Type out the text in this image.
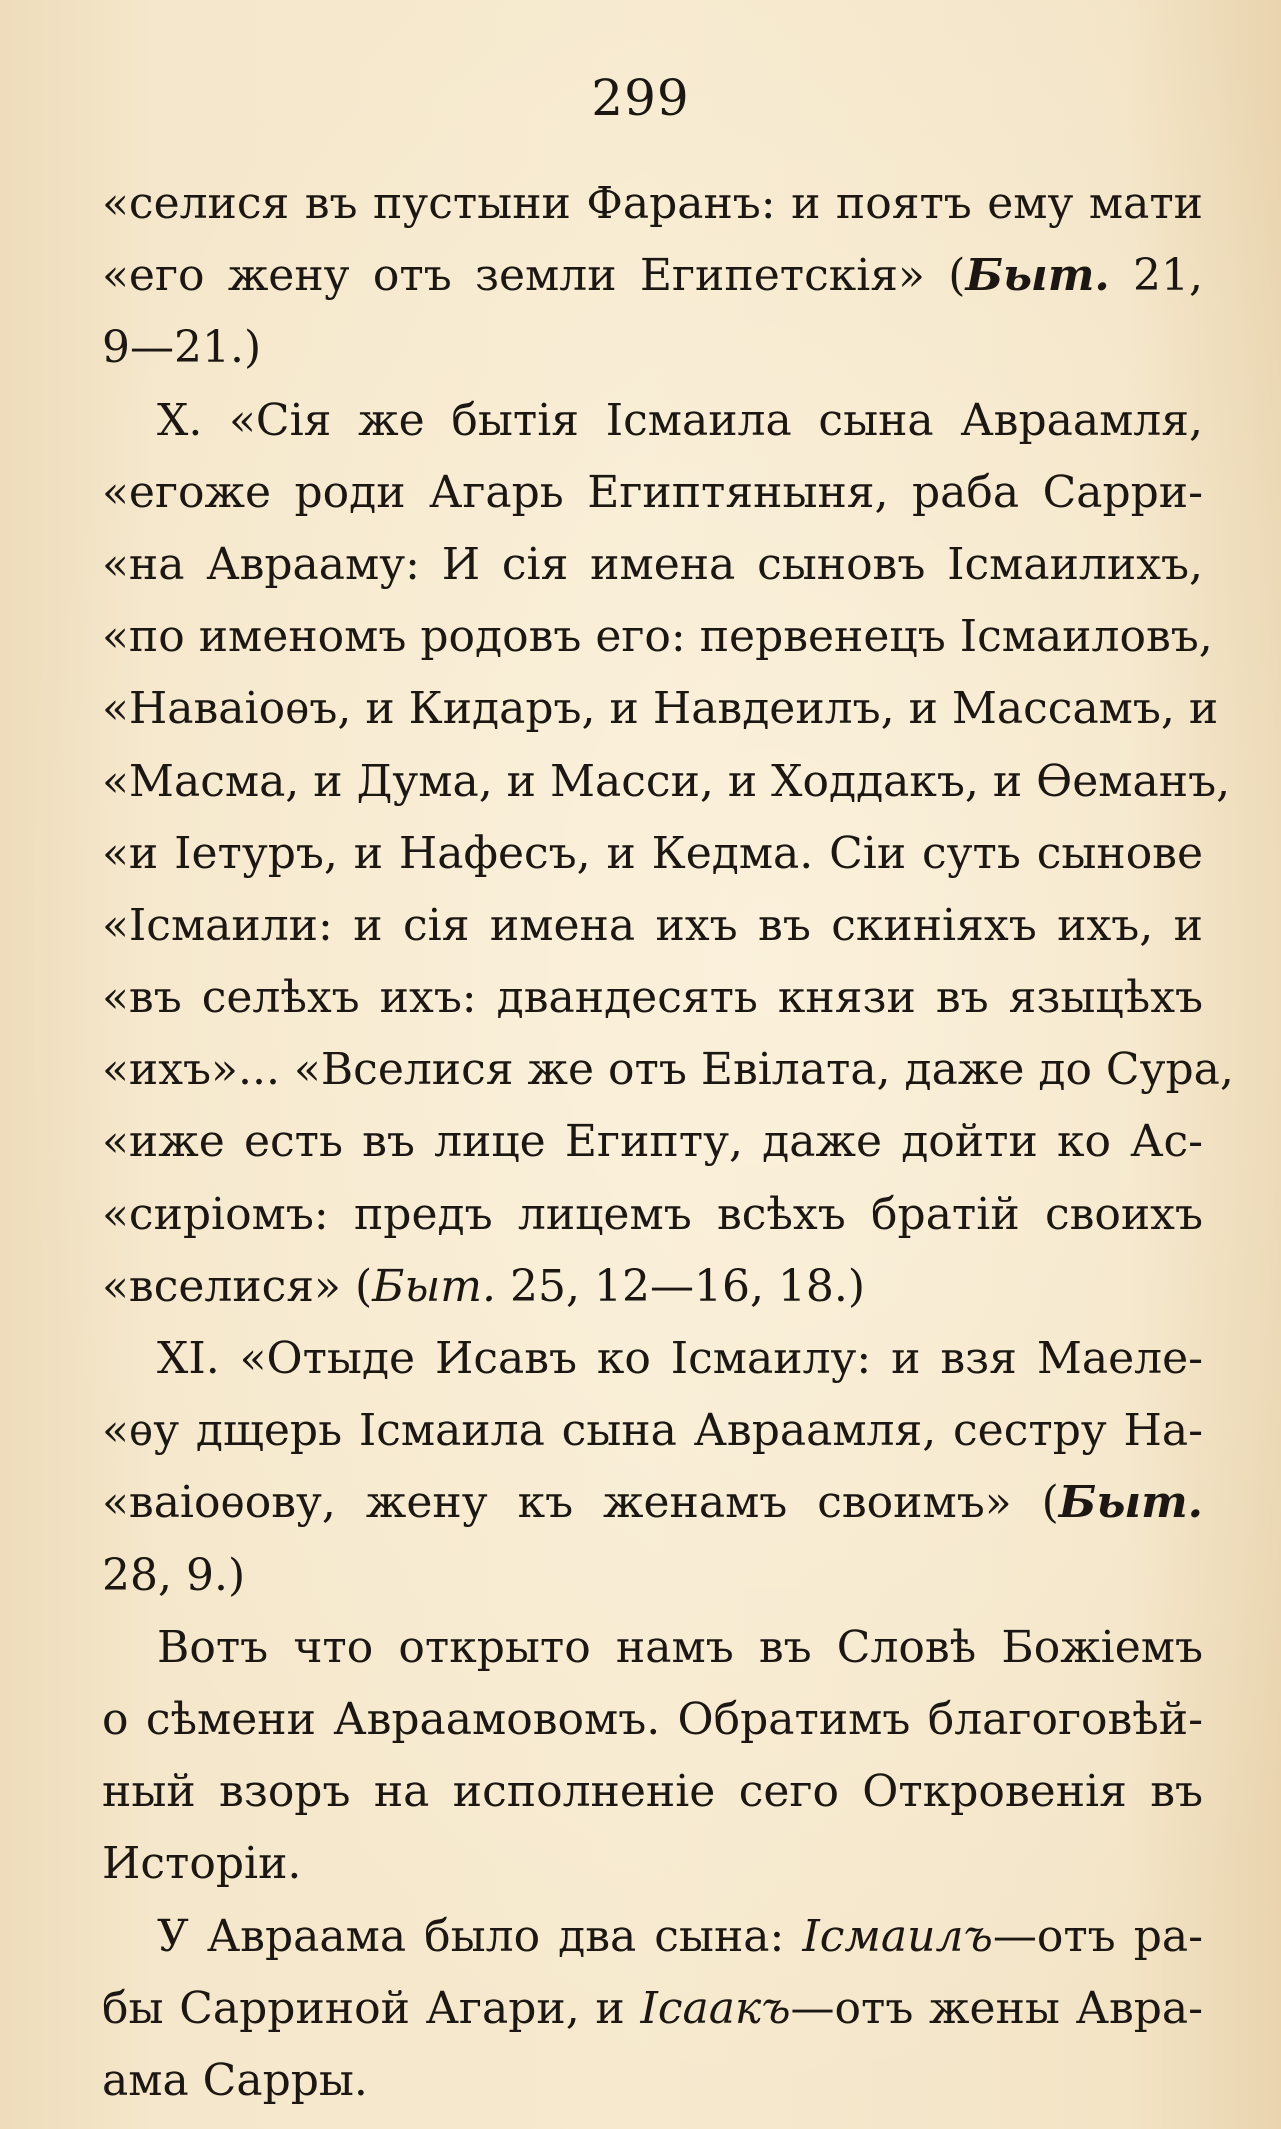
299
«селися въ пустыни Фаранъ: и поятъ ему мати
«его жену отъ земли Египетскія» (Быт. 21,
9—21.)
X. «Сія же бытія Ісмаила сына Авраамля,
«егоже роди Агарь Египтяныня, раба Сарри-
«на Аврааму: И сія имена сыновъ Ісмаилихъ,
«по именомъ родовъ его: первенецъ Ісмаиловъ,
«Наваіоѳъ, и Кидаръ, и Навдеилъ, и Массамъ, и
«Масма, и Дума, и Масси, и Ходдакъ, и Ѳеманъ,
«и Іетуръ, и Нафесъ, и Кедма. Сіи суть сынове
«Ісмаили: и сія имена ихъ въ скиніяхъ ихъ, и
«въ селѣхъ ихъ: двандесять князи въ языцѣхъ
«ихъ»... «Вселися же отъ Евілата, даже до Сура,
«иже есть въ лице Египту, даже дойти ко Ас-
«сиріомъ: предъ лицемъ всѣхъ братій своихъ
«вселися» (Быт. 25, 12—16, 18.)
XI. «Отыде Исавъ ко Ісмаилу: и взя Маеле-
«ѳу дщерь Ісмаила сына Авраамля, сестру На-
«ваіоѳову, жену къ женамъ своимъ» (Быт.
28, 9.)
Вотъ что открыто намъ въ Словѣ Божіемъ
о сѣмени Авраамовомъ. Обратимъ благоговѣй-
ный взоръ на исполненіе сего Откровенія въ
Исторіи.
У Авраама было два сына: Ісмаилъ—отъ ра-
бы Сарриной Агари, и Ісаакъ—отъ жены Авра-
ама Сарры.
